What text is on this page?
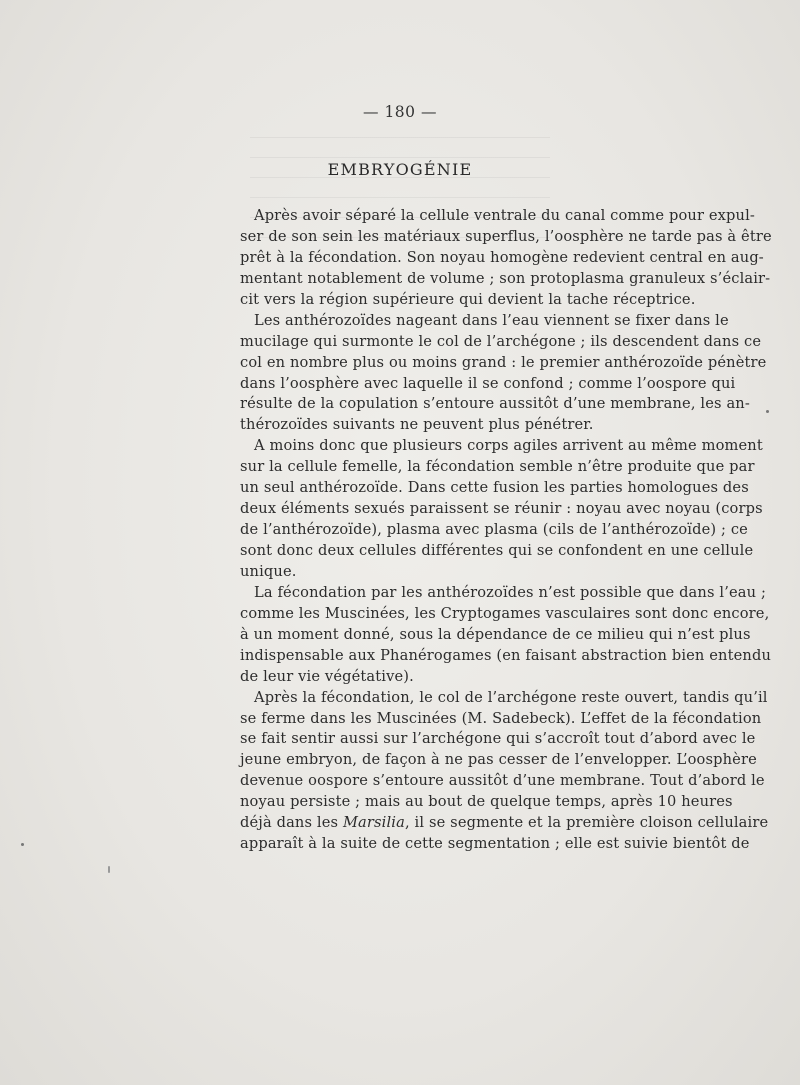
— 180 —
EMBRYOGÉNIE
Après avoir séparé la cellule ventrale du canal comme pour expul-
ser de son sein les matériaux superflus, l’oosphère ne tarde pas à être
prêt à la fécondation. Son noyau homogène redevient central en aug-
mentant notablement de volume ; son protoplasma granuleux s’éclair-
cit vers la région supérieure qui devient la tache réceptrice.
Les anthérozoïdes nageant dans l’eau viennent se fixer dans le
mucilage qui surmonte le col de l’archégone ; ils descendent dans ce
col en nombre plus ou moins grand : le premier anthérozoïde pénètre
dans l’oosphère avec laquelle il se confond ; comme l’oospore qui
résulte de la copulation s’entoure aussitôt d’une membrane, les an-
thérozoïdes suivants ne peuvent plus pénétrer.
A moins donc que plusieurs corps agiles arrivent au même moment
sur la cellule femelle, la fécondation semble n’être produite que par
un seul anthérozoïde. Dans cette fusion les parties homologues des
deux éléments sexués paraissent se réunir : noyau avec noyau (corps
de l’anthérozoïde), plasma avec plasma (cils de l’anthérozoïde) ; ce
sont donc deux cellules différentes qui se confondent en une cellule
unique.
La fécondation par les anthérozoïdes n’est possible que dans l’eau ;
comme les Muscinées, les Cryptogames vasculaires sont donc encore,
à un moment donné, sous la dépendance de ce milieu qui n’est plus
indispensable aux Phanérogames (en faisant abstraction bien entendu
de leur vie végétative).
Après la fécondation, le col de l’archégone reste ouvert, tandis qu’il
se ferme dans les Muscinées (M. Sadebeck). L’effet de la fécondation
se fait sentir aussi sur l’archégone qui s’accroît tout d’abord avec le
jeune embryon, de façon à ne pas cesser de l’envelopper. L’oosphère
devenue oospore s’entoure aussitôt d’une membrane. Tout d’abord le
noyau persiste ; mais au bout de quelque temps, après 10 heures
déjà dans les Marsilia, il se segmente et la première cloison cellulaire
apparaît à la suite de cette segmentation ; elle est suivie bientôt de
